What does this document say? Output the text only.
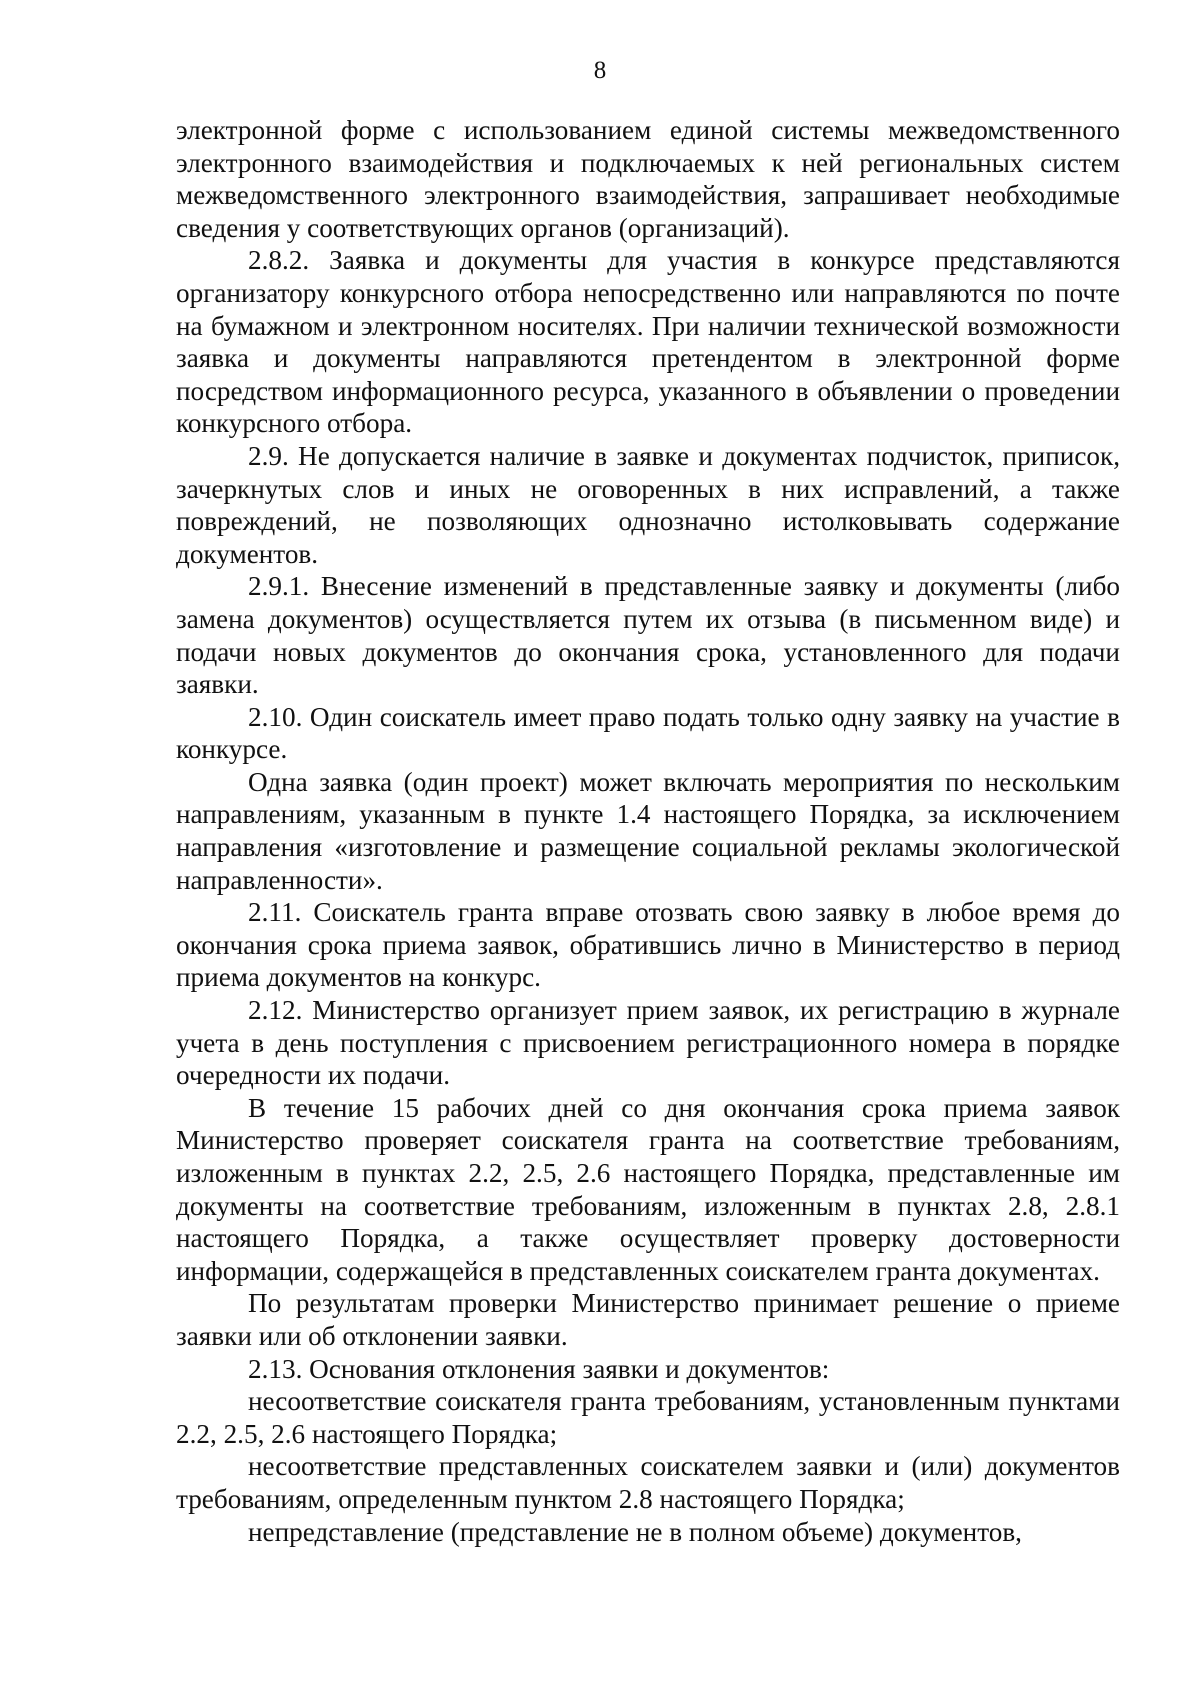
8

электронной форме с использованием единой системы межведомственного электронного взаимодействия и подключаемых к ней региональных систем межведомственного электронного взаимодействия, запрашивает необходимые сведения у соответствующих органов (организаций).

2.8.2. Заявка и документы для участия в конкурсе представляются организатору конкурсного отбора непосредственно или направляются по почте на бумажном и электронном носителях. При наличии технической возможности заявка и документы направляются претендентом в электронной форме посредством информационного ресурса, указанного в объявлении о проведении конкурсного отбора.

2.9. Не допускается наличие в заявке и документах подчисток, приписок, зачеркнутых слов и иных не оговоренных в них исправлений, а также повреждений, не позволяющих однозначно истолковывать содержание документов.

2.9.1. Внесение изменений в представленные заявку и документы (либо замена документов) осуществляется путем их отзыва (в письменном виде) и подачи новых документов до окончания срока, установленного для подачи заявки.

2.10. Один соискатель имеет право подать только одну заявку на участие в конкурсе.

Одна заявка (один проект) может включать мероприятия по нескольким направлениям, указанным в пункте 1.4 настоящего Порядка, за исключением направления «изготовление и размещение социальной рекламы экологической направленности».

2.11. Соискатель гранта вправе отозвать свою заявку в любое время до окончания срока приема заявок, обратившись лично в Министерство в период приема документов на конкурс.

2.12. Министерство организует прием заявок, их регистрацию в журнале учета в день поступления с присвоением регистрационного номера в порядке очередности их подачи.

В течение 15 рабочих дней со дня окончания срока приема заявок Министерство проверяет соискателя гранта на соответствие требованиям, изложенным в пунктах 2.2, 2.5, 2.6 настоящего Порядка, представленные им документы на соответствие требованиям, изложенным в пунктах 2.8, 2.8.1 настоящего Порядка, а также осуществляет проверку достоверности информации, содержащейся в представленных соискателем гранта документах.

По результатам проверки Министерство принимает решение о приеме заявки или об отклонении заявки.

2.13. Основания отклонения заявки и документов:

несоответствие соискателя гранта требованиям, установленным пунктами 2.2, 2.5, 2.6 настоящего Порядка;

несоответствие представленных соискателем заявки и (или) документов требованиям, определенным пунктом 2.8 настоящего Порядка;

непредставление (представление не в полном объеме) документов,
